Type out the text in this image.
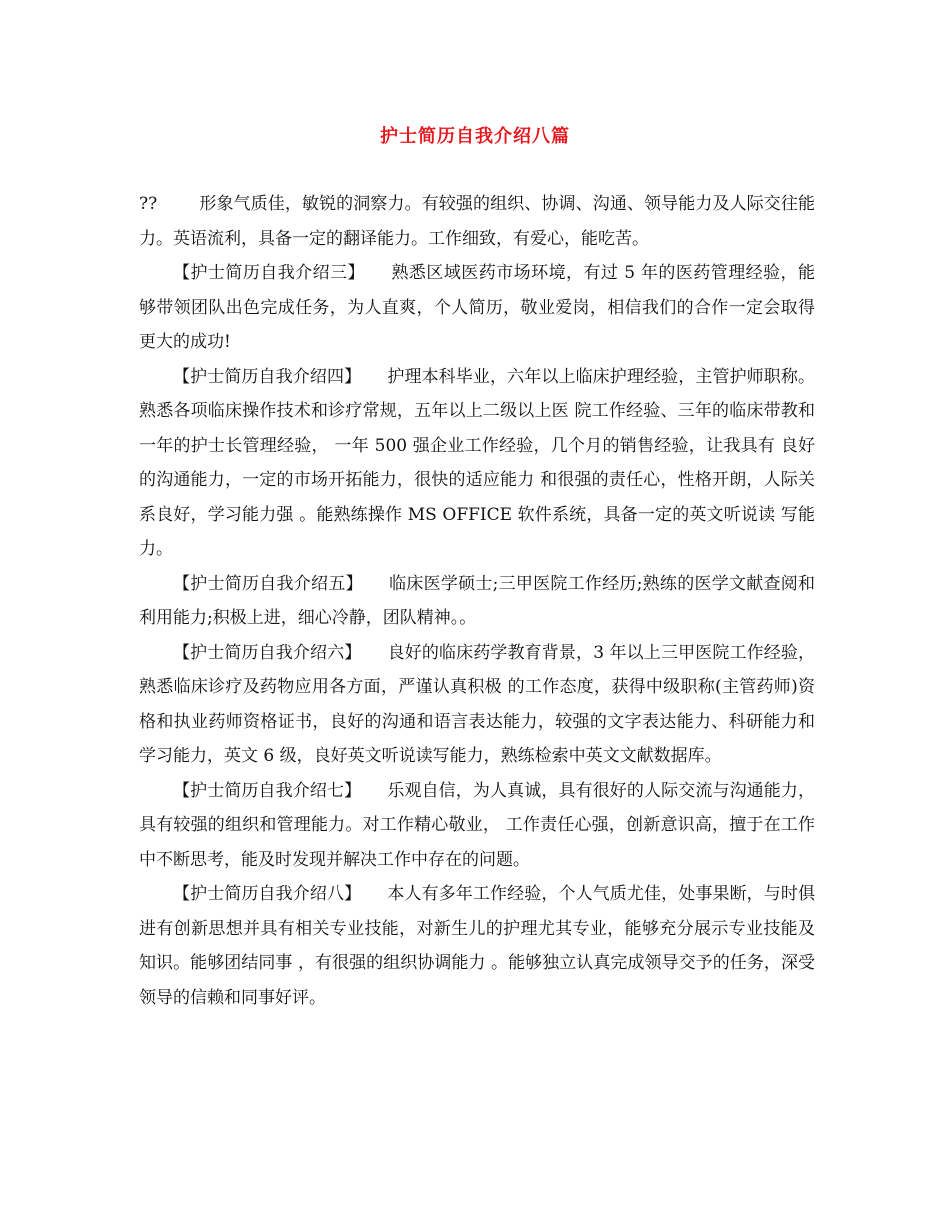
护士简历自我介绍八篇

?? 形象气质佳，敏锐的洞察力。有较强的组织、协调、沟通、领导能力及人际交往能力。英语流利，具备一定的翻译能力。工作细致，有爱心，能吃苦。

【护士简历自我介绍三】 熟悉区域医药市场环境，有过 5 年的医药管理经验，能够带领团队出色完成任务，为人直爽，个人简历，敬业爱岗，相信我们的合作一定会取得更大的成功!

【护士简历自我介绍四】 护理本科毕业，六年以上临床护理经验，主管护师职称。 熟悉各项临床操作技术和诊疗常规，五年以上二级以上医 院工作经验、三年的临床带教和一年的护士长管理经验， 一年 500 强企业工作经验，几个月的销售经验，让我具有 良好的沟通能力，一定的市场开拓能力，很快的适应能力 和很强的责任心，性格开朗，人际关系良好，学习能力强 。能熟练操作 MS OFFICE 软件系统，具备一定的英文听说读 写能力。

【护士简历自我介绍五】 临床医学硕士;三甲医院工作经历;熟练的医学文献查阅和利用能力;积极上进，细心冷静，团队精神。。

【护士简历自我介绍六】 良好的临床药学教育背景，3 年以上三甲医院工作经验，熟悉临床诊疗及药物应用各方面，严谨认真积极 的工作态度，获得中级职称(主管药师)资格和执业药师资格证书，良好的沟通和语言表达能力，较强的文字表达能力、科研能力和学习能力，英文 6 级，良好英文听说读写能力，熟练检索中英文文献数据库。

【护士简历自我介绍七】 乐观自信，为人真诚，具有很好的人际交流与沟通能力，具有较强的组织和管理能力。对工作精心敬业， 工作责任心强，创新意识高，擅于在工作中不断思考，能及时发现并解决工作中存在的问题。

【护士简历自我介绍八】 本人有多年工作经验，个人气质尤佳，处事果断，与时俱进有创新思想并具有相关专业技能，对新生儿的护理尤其专业，能够充分展示专业技能及知识。能够团结同事 ，有很强的组织协调能力 。能够独立认真完成领导交予的任务，深受领导的信赖和同事好评。
